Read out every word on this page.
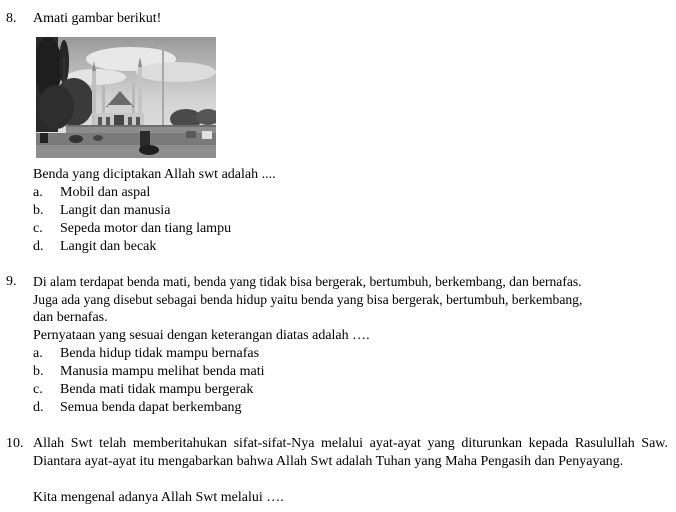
8. Amati gambar berikut!
Benda yang diciptakan Allah swt adalah ....
a. Mobil dan aspal
b. Langit dan manusia
c. Sepeda motor dan tiang lampu
d. Langit dan becak
9. Di alam terdapat benda mati, benda yang tidak bisa bergerak, bertumbuh, berkembang, dan bernafas.
Juga ada yang disebut sebagai benda hidup yaitu benda yang bisa bergerak, bertumbuh, berkembang,
dan bernafas.
Pernyataan yang sesuai dengan keterangan diatas adalah ….
a. Benda hidup tidak mampu bernafas
b. Manusia mampu melihat benda mati
c. Benda mati tidak mampu bergerak
d. Semua benda dapat berkembang
10. Allah Swt telah memberitahukan sifat-sifat-Nya melalui ayat-ayat yang diturunkan kepada Rasulullah Saw. Diantara ayat-ayat itu mengabarkan bahwa Allah Swt adalah Tuhan yang Maha Pengasih dan Penyayang.
Kita mengenal adanya Allah Swt melalui ….
